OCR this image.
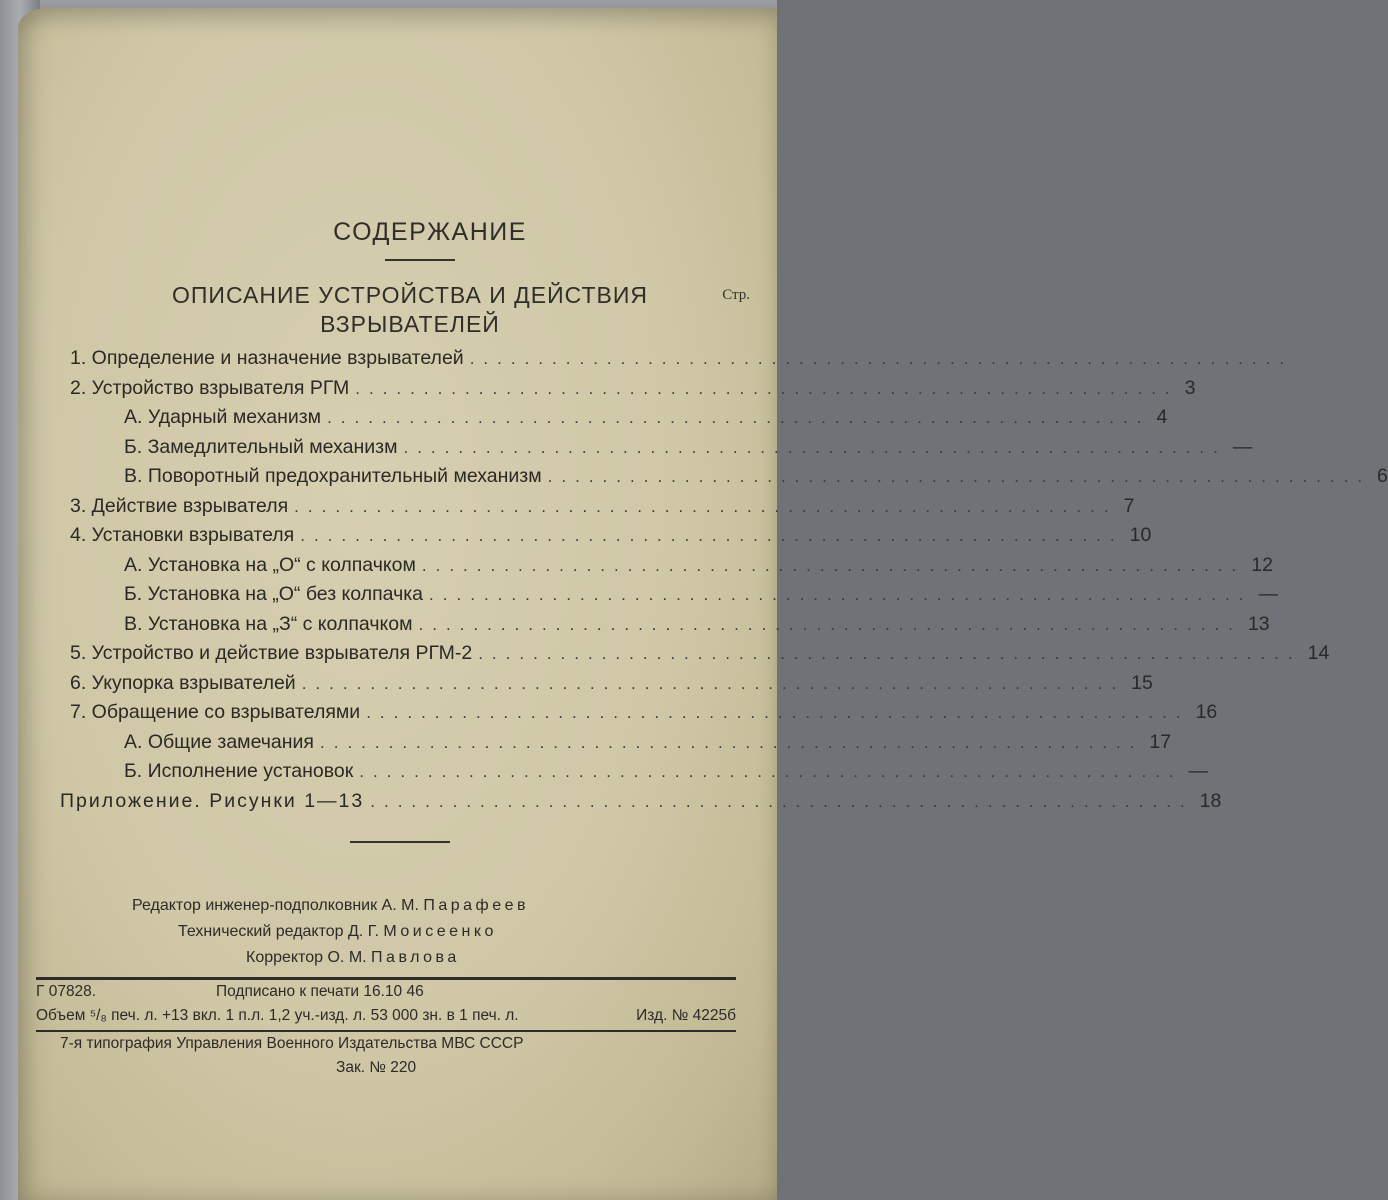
СОДЕРЖАНИЕ
ОПИСАНИЕ УСТРОЙСТВА И ДЕЙСТВИЯ
ВЗРЫВАТЕЛЕЙ
Стр.
1. Определение и назначение взрывателей ............................................................
2. Устройство взрывателя РГМ ............................................................ 3
А. Ударный механизм ............................................................ 4
Б. Замедлительный механизм ............................................................ —
В. Поворотный предохранительный механизм ............................................................ 6
3. Действие взрывателя ............................................................ 7
4. Установки взрывателя ............................................................ 10
А. Установка на „О“ с колпачком ............................................................ 12
Б. Установка на „О“ без колпачка ............................................................ —
В. Установка на „З“ с колпачком ............................................................ 13
5. Устройство и действие взрывателя РГМ-2 ............................................................ 14
6. Укупорка взрывателей ............................................................ 15
7. Обращение со взрывателями ............................................................ 16
А. Общие замечания ............................................................ 17
Б. Исполнение установок ............................................................ —
Приложение. Рисунки 1—13 ............................................................ 18
Редактор инженер-подполковник А. М. Парафеев
Технический редактор Д. Г. Моисеенко
Корректор О. М. Павлова
Г 07828.	Подписано к печати 16.10 46
Изд. № 4225б
Объем ⁵/₈ печ. л. +13 вкл. 1 п.л. 1,2 уч.-изд. л. 53 000 зн. в 1 печ. л.
7-я типография Управления Военного Издательства МВС СССР
Зак. № 220
